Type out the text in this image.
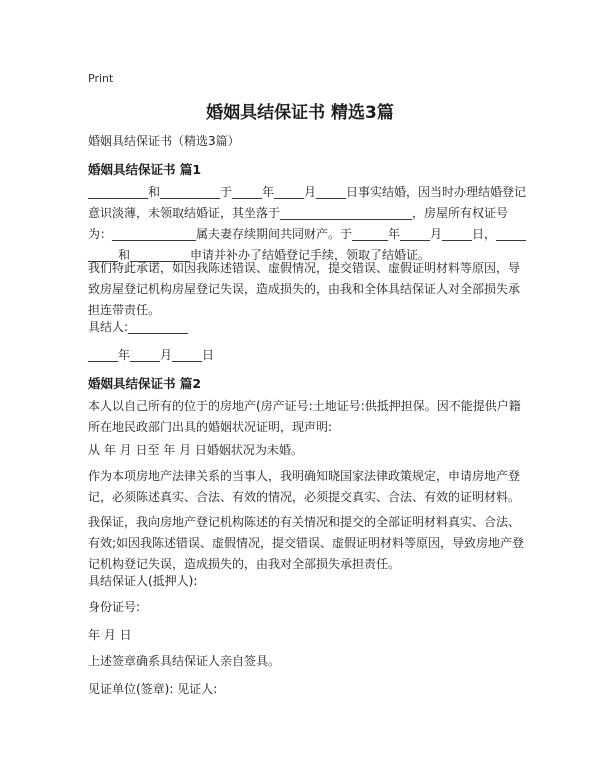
Print
婚姻具结保证书 精选3篇
婚姻具结保证书（精选3篇）
婚姻具结保证书 篇1

__________和__________于_____年_____月_____日事实结婚，因当时办理结婚登记意识淡薄，未领取结婚证，其坐落于______________________，房屋所有权证号为：______________属夫妻存续期间共同财产。于______年_____月_____日，__________和__________申请并补办了结婚登记手续，领取了结婚证。

我们特此承诺，如因我陈述错误、虚假情况，提交错误、虚假证明材料等原因，导致房屋登记机构房屋登记失误，造成损失的，由我和全体具结保证人对全部损失承担连带责任。

具结人:__________
_____年_____月_____日
婚姻具结保证书 篇2

本人以自己所有的位于的房地产(房产证号:土地证号:供抵押担保。因不能提供户籍所在地民政部门出具的婚姻状况证明，现声明:

从 年 月 日至 年 月 日婚姻状况为未婚。

作为本项房地产法律关系的当事人，我明确知晓国家法律政策规定，申请房地产登记，必须陈述真实、合法、有效的情况，必须提交真实、合法、有效的证明材料。

我保证，我向房地产登记机构陈述的有关情况和提交的全部证明材料真实、合法、有效;如因我陈述错误、虚假情况，提交错误、虚假证明材料等原因，导致房地产登记机构登记失误，造成损失的，由我对全部损失承担责任。

具结保证人(抵押人):
身份证号:
年 月 日
上述签章确系具结保证人亲自签具。
见证单位(签章): 见证人:
